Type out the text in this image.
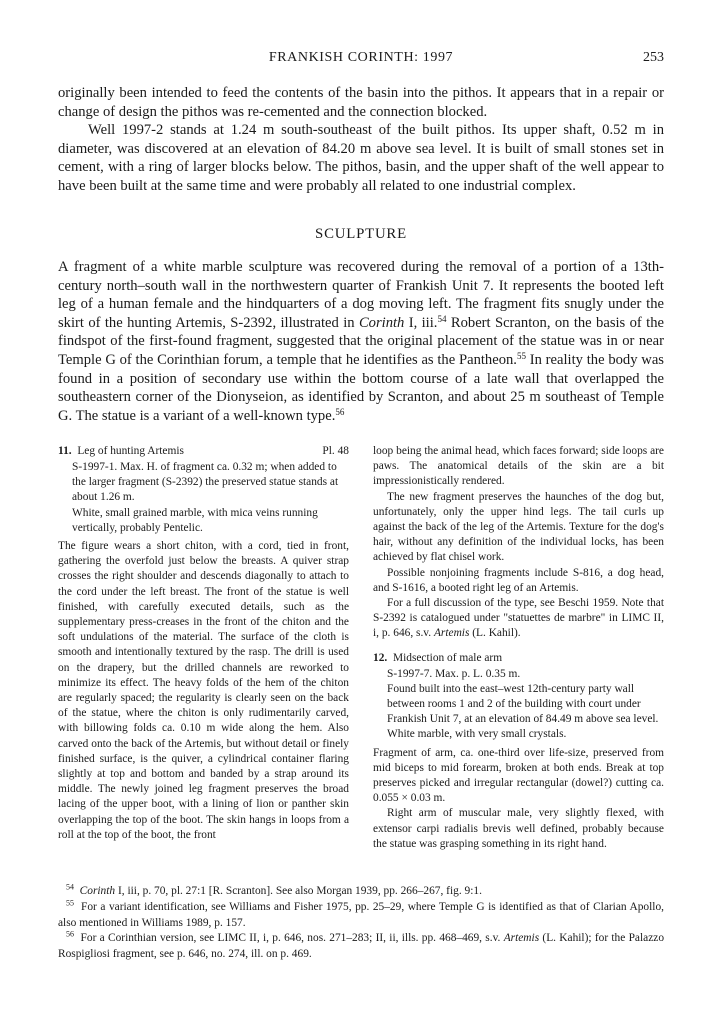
FRANKISH CORINTH: 1997	253

originally been intended to feed the contents of the basin into the pithos. It appears that in a repair or change of design the pithos was re-cemented and the connection blocked.

Well 1997-2 stands at 1.24 m south-southeast of the built pithos. Its upper shaft, 0.52 m in diameter, was discovered at an elevation of 84.20 m above sea level. It is built of small stones set in cement, with a ring of larger blocks below. The pithos, basin, and the upper shaft of the well appear to have been built at the same time and were probably all related to one industrial complex.

SCULPTURE

A fragment of a white marble sculpture was recovered during the removal of a portion of a 13th-century north–south wall in the northwestern quarter of Frankish Unit 7. It represents the booted left leg of a human female and the hindquarters of a dog moving left. The fragment fits snugly under the skirt of the hunting Artemis, S-2392, illustrated in Corinth I, iii.$^{54}$ Robert Scranton, on the basis of the findspot of the first-found fragment, suggested that the original placement of the statue was in or near Temple G of the Corinthian forum, a temple that he identifies as the Pantheon.$^{55}$ In reality the body was found in a position of secondary use within the bottom course of a late wall that overlapped the southeastern corner of the Dionyseion, as identified by Scranton, and about 25 m southeast of Temple G. The statue is a variant of a well-known type.$^{56}$

11. Leg of hunting Artemis	Pl. 48

S-1997-1. Max. H. of fragment ca. 0.32 m; when added to the larger fragment (S-2392) the preserved statue stands at about 1.26 m.

White, small grained marble, with mica veins running vertically, probably Pentelic.

The figure wears a short chiton, with a cord, tied in front, gathering the overfold just below the breasts. A quiver strap crosses the right shoulder and descends diagonally to attach to the cord under the left breast. The front of the statue is well finished, with carefully executed details, such as the supplementary press-creases in the front of the chiton and the soft undulations of the material. The surface of the cloth is smooth and intentionally textured by the rasp. The drill is used on the drapery, but the drilled channels are reworked to minimize its effect. The heavy folds of the hem of the chiton are regularly spaced; the regularity is clearly seen on the back of the statue, where the chiton is only rudimentarily carved, with billowing folds ca. 0.10 m wide along the hem. Also carved onto the back of the Artemis, but without detail or finely finished surface, is the quiver, a cylindrical container flaring slightly at top and bottom and banded by a strap around its middle. The newly joined leg fragment preserves the broad lacing of the upper boot, with a lining of lion or panther skin overlapping the top of the boot. The skin hangs in loops from a roll at the top of the boot, the front

loop being the animal head, which faces forward; side loops are paws. The anatomical details of the skin are a bit impressionistically rendered.

The new fragment preserves the haunches of the dog but, unfortunately, only the upper hind legs. The tail curls up against the back of the leg of the Artemis. Texture for the dog's hair, without any definition of the individual locks, has been achieved by flat chisel work.

Possible nonjoining fragments include S-816, a dog head, and S-1616, a booted right leg of an Artemis.

For a full discussion of the type, see Beschi 1959. Note that S-2392 is catalogued under "statuettes de marbre" in LIMC II, i, p. 646, s.v. Artemis (L. Kahil).

12. Midsection of male arm

S-1997-7. Max. p. L. 0.35 m.

Found built into the east–west 12th-century party wall between rooms 1 and 2 of the building with court under Frankish Unit 7, at an elevation of 84.49 m above sea level.

White marble, with very small crystals.

Fragment of arm, ca. one-third over life-size, preserved from mid biceps to mid forearm, broken at both ends. Break at top preserves picked and irregular rectangular (dowel?) cutting ca. 0.055 × 0.03 m.

Right arm of muscular male, very slightly flexed, with extensor carpi radialis brevis well defined, probably because the statue was grasping something in its right hand.

$^{54}$ Corinth I, iii, p. 70, pl. 27:1 [R. Scranton]. See also Morgan 1939, pp. 266–267, fig. 9:1.

$^{55}$ For a variant identification, see Williams and Fisher 1975, pp. 25–29, where Temple G is identified as that of Clarian Apollo, also mentioned in Williams 1989, p. 157.

$^{56}$ For a Corinthian version, see LIMC II, i, p. 646, nos. 271–283; II, ii, ills. pp. 468–469, s.v. Artemis (L. Kahil); for the Palazzo Rospigliosi fragment, see p. 646, no. 274, ill. on p. 469.
